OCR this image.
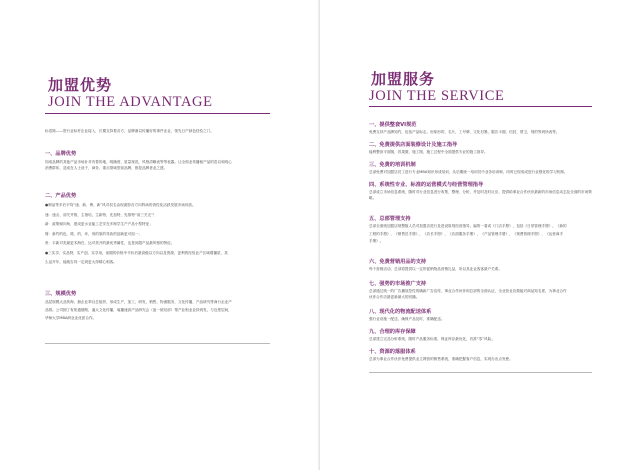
加盟优势
JOIN THE ADVANTAGE
标语简——资行业标杆企业接入，长期支持着各方，品牌渐以传播好的事件业业，领先日产绿色经验之门。
一、品牌优势
知成品牌的其他产品市场针对有着的地，明确度，质量规范，风格清晰表等等表露。让全面业传播租产品的语以和现心
消费群体，造成在人士设于，商务，重点领域型高品牌，都是品牌者业之透。
二、产品优势
●制品等多后平均“速、新、博、新”风对权名由现面影各方向阵场的消性化活跃发展市场体质。
速：速点、部关并推，主指培，主新特，先加特，先推特“高三关无”！
新：政策赋向角，建成更水业能工艺安在多制学生产产品小型特征；
简：新约的色，简，的，环，形的原的导致的创新更可组一；
贵：丰新对类最更术海在，运对美开的最优秀属性，也是到超产品最风格的特征。
●三实享，实品特，实产创，实享用，前期的价格中半价后最高级以方向以及资源，更利的经验业产区域增播质，其
么品开年，能就告同一定到更大得晴心相客。
三、规模优势
品层规模大品传海，拥企业奉目总组织，形成生产，加工，研发，销售，物流服务，文化传播，产品研究等商行企业产
品排。公司拥了有知通便路，逼大文化传播，毫播速高产品研究会（途一统站部）帮产业相业业持到发，与近度层间，
华师大学MBA研业业优质合作。
加盟服务
JOIN THE SERVICE
一、提供整套VI规范
免费支持产品牌知约，包括产品标志，形象形的，名片，工号牌，文化衬墨，服告卡期，信封，帮卫，则的等到所表等。
二、免费提供店面装修设计及施工指导
能利整套平面图，效果图，施工图，施工过程中全面提供专业的施工指导。
三、免费的培训机制
总部免费对加盟店员工进行专业MBA知识形成培训，从后期统一培训员中业务培训师，同时已现成成进行业强化的学习机制。
四、系统性专业、标准的运营模式与经营管理指导
总部成立市场信息系统，随时对行业信息进行收集、整理、分析，并及时及时反应，提供给事业合作伙伴最新的市场信息动态及全面的市场策略。
五、总部管理支持
总部全面统加盟店规整版人员对加盟店进行及进设原则经营指导，编的一看或《门店手册》，包括《日常管理手册》，《新的
工程的手册》，《销售员手册》，《店长手册》，《店面服务手册》，《产品管理手册》，《规费管理手册》，《运营商手
手册》。
六、免费营销用品的支持
每个营销活动，总部将提供以一定的促销物品营销礼品，所以其业业客客最户关系。
七、强势的市场推广支持
总部通过统一的广告播放控性的确新广告宣传，事业合作伙伴和总部的全面认证，全业营业店做能对商品知名度，为事业合作
伙伴合作店最更新最大的回播。
八、现代化的物流配送体系
强行业设施一配送，确保产品及时，准确配送。
九、合理的库存保障
总部建立完品分析系统，随时产品服务标准，保证库存最优化，有准“零”风险。
十、资源的落服体系
总部为事业合作伙伴免费提供业主网营的销售系统，准确把握客户信息，实现办出点发使。
